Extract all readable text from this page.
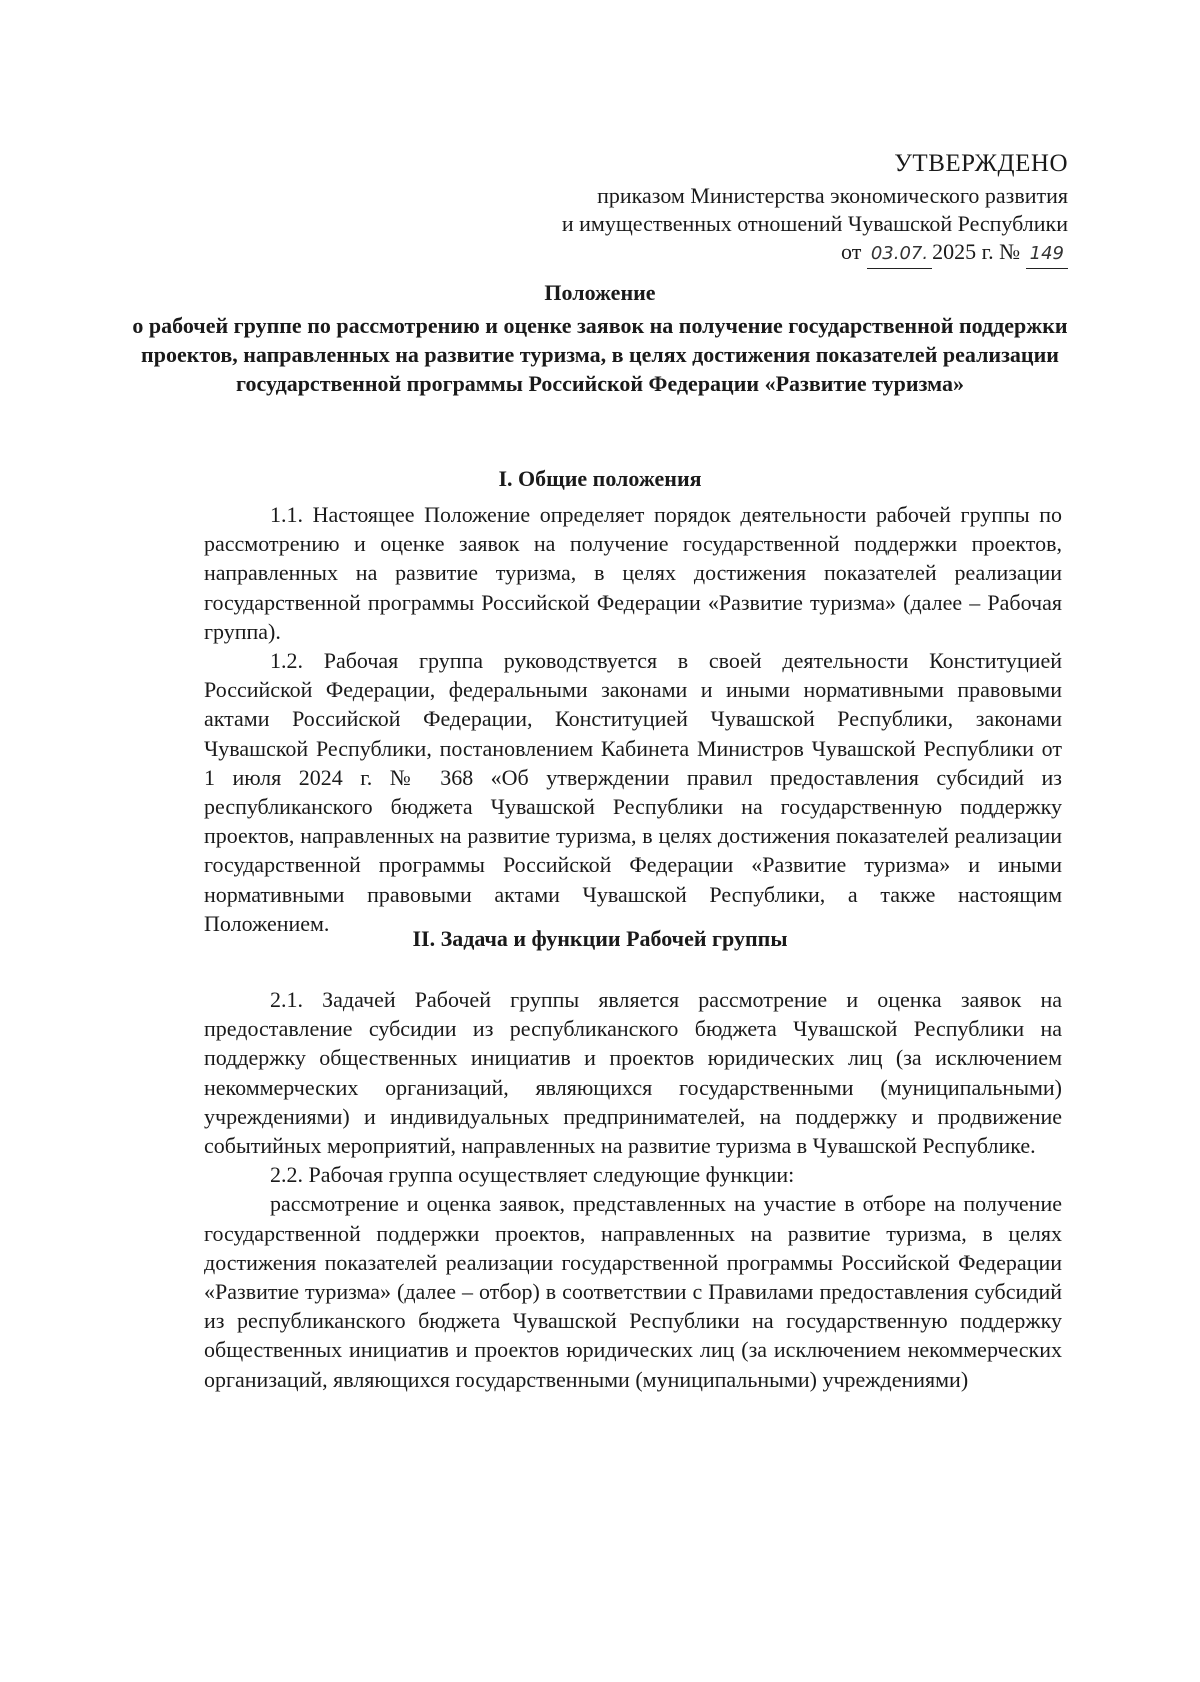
УТВЕРЖДЕНО
приказом Министерства экономического развития
и имущественных отношений Чувашской Республики
от 03.07. 2025 г. № 149
Положение
о рабочей группе по рассмотрению и оценке заявок на получение государственной поддержки проектов, направленных на развитие туризма, в целях достижения показателей реализации государственной программы Российской Федерации «Развитие туризма»
I. Общие положения

1.1. Настоящее Положение определяет порядок деятельности рабочей группы по рассмотрению и оценке заявок на получение государственной поддержки проектов, направленных на развитие туризма, в целях достижения показателей реализации государственной программы Российской Федерации «Развитие туризма» (далее – Рабочая группа).

1.2. Рабочая группа руководствуется в своей деятельности Конституцией Российской Федерации, федеральными законами и иными нормативными правовыми актами Российской Федерации, Конституцией Чувашской Республики, законами Чувашской Республики, постановлением Кабинета Министров Чувашской Республики от 1 июля 2024 г. № 368 «Об утверждении правил предоставления субсидий из республиканского бюджета Чувашской Республики на государственную поддержку проектов, направленных на развитие туризма, в целях достижения показателей реализации государственной программы Российской Федерации «Развитие туризма» и иными нормативными правовыми актами Чувашской Республики, а также настоящим Положением.

II. Задача и функции Рабочей группы

2.1. Задачей Рабочей группы является рассмотрение и оценка заявок на предоставление субсидии из республиканского бюджета Чувашской Республики на поддержку общественных инициатив и проектов юридических лиц (за исключением некоммерческих организаций, являющихся государственными (муниципальными) учреждениями) и индивидуальных предпринимателей, на поддержку и продвижение событийных мероприятий, направленных на развитие туризма в Чувашской Республике.

2.2. Рабочая группа осуществляет следующие функции:

рассмотрение и оценка заявок, представленных на участие в отборе на получение государственной поддержки проектов, направленных на развитие туризма, в целях достижения показателей реализации государственной программы Российской Федерации «Развитие туризма» (далее – отбор) в соответствии с Правилами предоставления субсидий из республиканского бюджета Чувашской Республики на государственную поддержку общественных инициатив и проектов юридических лиц (за исключением некоммерческих организаций, являющихся государственными (муниципальными) учреждениями)
